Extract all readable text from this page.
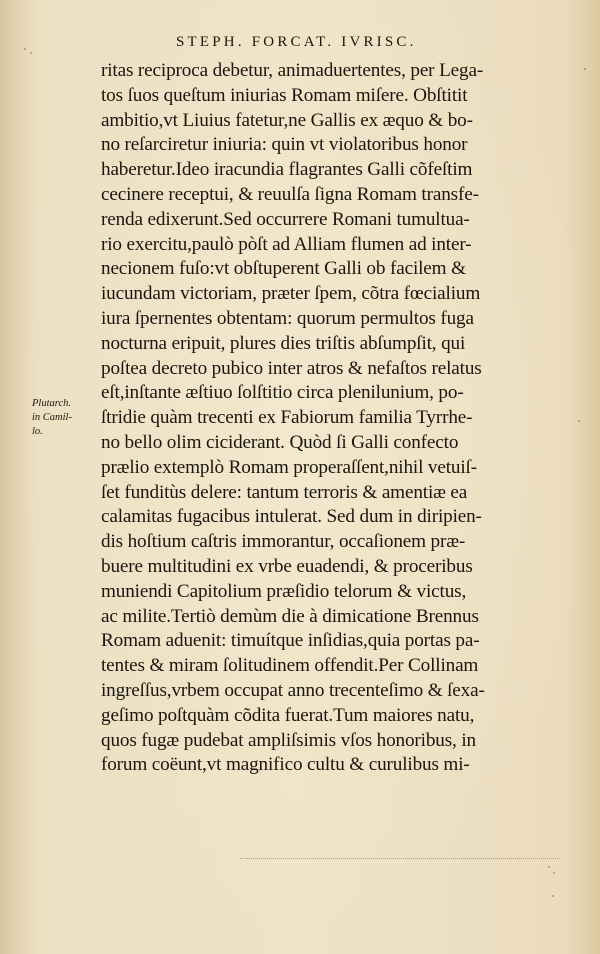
STEPH. FORCAT. IVRISC.
Plutarch.
in Camil-
lo.
ritas reciproca debetur, animaduertentes, per Lega-
tos ſuos queſtum iniurias Romam miſere. Obſtitit
ambitio,vt Liuius fatetur,ne Gallis ex æquo & bo-
no reſarciretur iniuria: quin vt violatoribus honor
haberetur.Ideo iracundia flagrantes Galli cõfeſtim
cecinere receptui, & reuulſa ſigna Romam transfe-
renda edixerunt.Sed occurrere Romani tumultua-
rio exercitu,paulò pòſt ad Alliam flumen ad inter-
necionem fuſo:vt obſtuperent Galli ob facilem &
iucundam victoriam, præter ſpem, cõtra fœcialium
iura ſpernentes obtentam: quorum permultos fuga
nocturna eripuit, plures dies triſtis abſumpſit, qui
poſtea decreto pubico inter atros & nefaſtos relatus
eſt,inſtante æſtiuo ſolſtitio circa plenilunium, po-
ſtridie quàm trecenti ex Fabiorum familia Tyrrhe-
no bello olim ciciderant. Quòd ſi Galli confecto
prælio extemplò Romam properaſſent,nihil vetuiſ-
ſet funditùs delere: tantum terroris & amentiæ ea
calamitas fugacibus intulerat. Sed dum in diripien-
dis hoſtium caſtris immorantur, occaſionem præ-
buere multitudini ex vrbe euadendi, & proceribus
muniendi Capitolium præſidio telorum & victus,
ac milite.Tertiò demùm die à dimicatione Brennus
Romam aduenit: timuítque inſidias,quia portas pa-
tentes & miram ſolitudinem offendit.Per Collinam
ingreſſus,vrbem occupat anno trecenteſimo & ſexa-
geſimo poſtquàm cõdita fuerat.Tum maiores natu,
quos fugæ pudebat ampliſsimis vſos honoribus, in
forum coëunt,vt magnifico cultu & curulibus mi-
